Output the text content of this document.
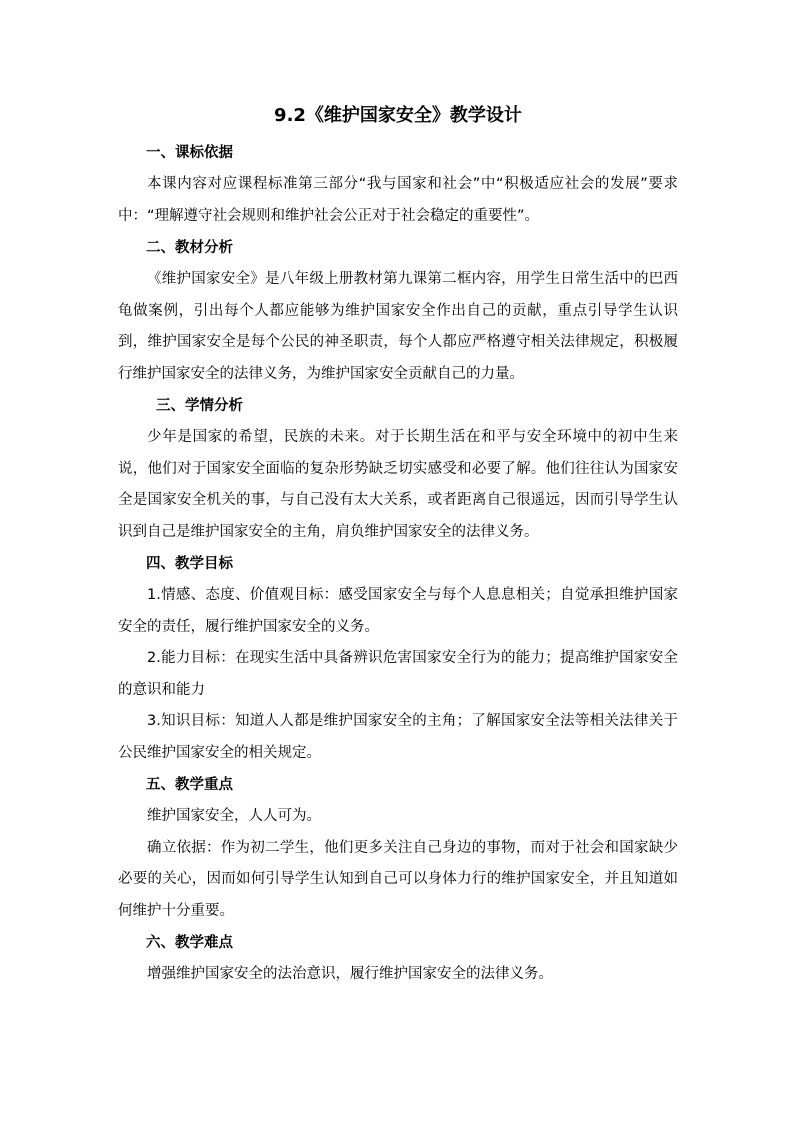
9.2《维护国家安全》教学设计
一、课标依据
本课内容对应课程标准第三部分“我与国家和社会”中“积极适应社会的发展”要求中：“理解遵守社会规则和维护社会公正对于社会稳定的重要性”。
二、教材分析
《维护国家安全》是八年级上册教材第九课第二框内容，用学生日常生活中的巴西龟做案例，引出每个人都应能够为维护国家安全作出自己的贡献，重点引导学生认识到，维护国家安全是每个公民的神圣职责，每个人都应严格遵守相关法律规定，积极履行维护国家安全的法律义务，为维护国家安全贡献自己的力量。
三、学情分析
少年是国家的希望，民族的未来。对于长期生活在和平与安全环境中的初中生来说，他们对于国家安全面临的复杂形势缺乏切实感受和必要了解。他们往往认为国家安全是国家安全机关的事，与自己没有太大关系，或者距离自己很遥远，因而引导学生认识到自己是维护国家安全的主角，肩负维护国家安全的法律义务。
四、教学目标
1.情感、态度、价值观目标：感受国家安全与每个人息息相关；自觉承担维护国家安全的责任，履行维护国家安全的义务。
2.能力目标：在现实生活中具备辨识危害国家安全行为的能力；提高维护国家安全的意识和能力
3.知识目标：知道人人都是维护国家安全的主角；了解国家安全法等相关法律关于公民维护国家安全的相关规定。
五、教学重点
维护国家安全，人人可为。
确立依据：作为初二学生，他们更多关注自己身边的事物，而对于社会和国家缺少必要的关心，因而如何引导学生认知到自己可以身体力行的维护国家安全，并且知道如何维护十分重要。
六、教学难点
增强维护国家安全的法治意识，履行维护国家安全的法律义务。
